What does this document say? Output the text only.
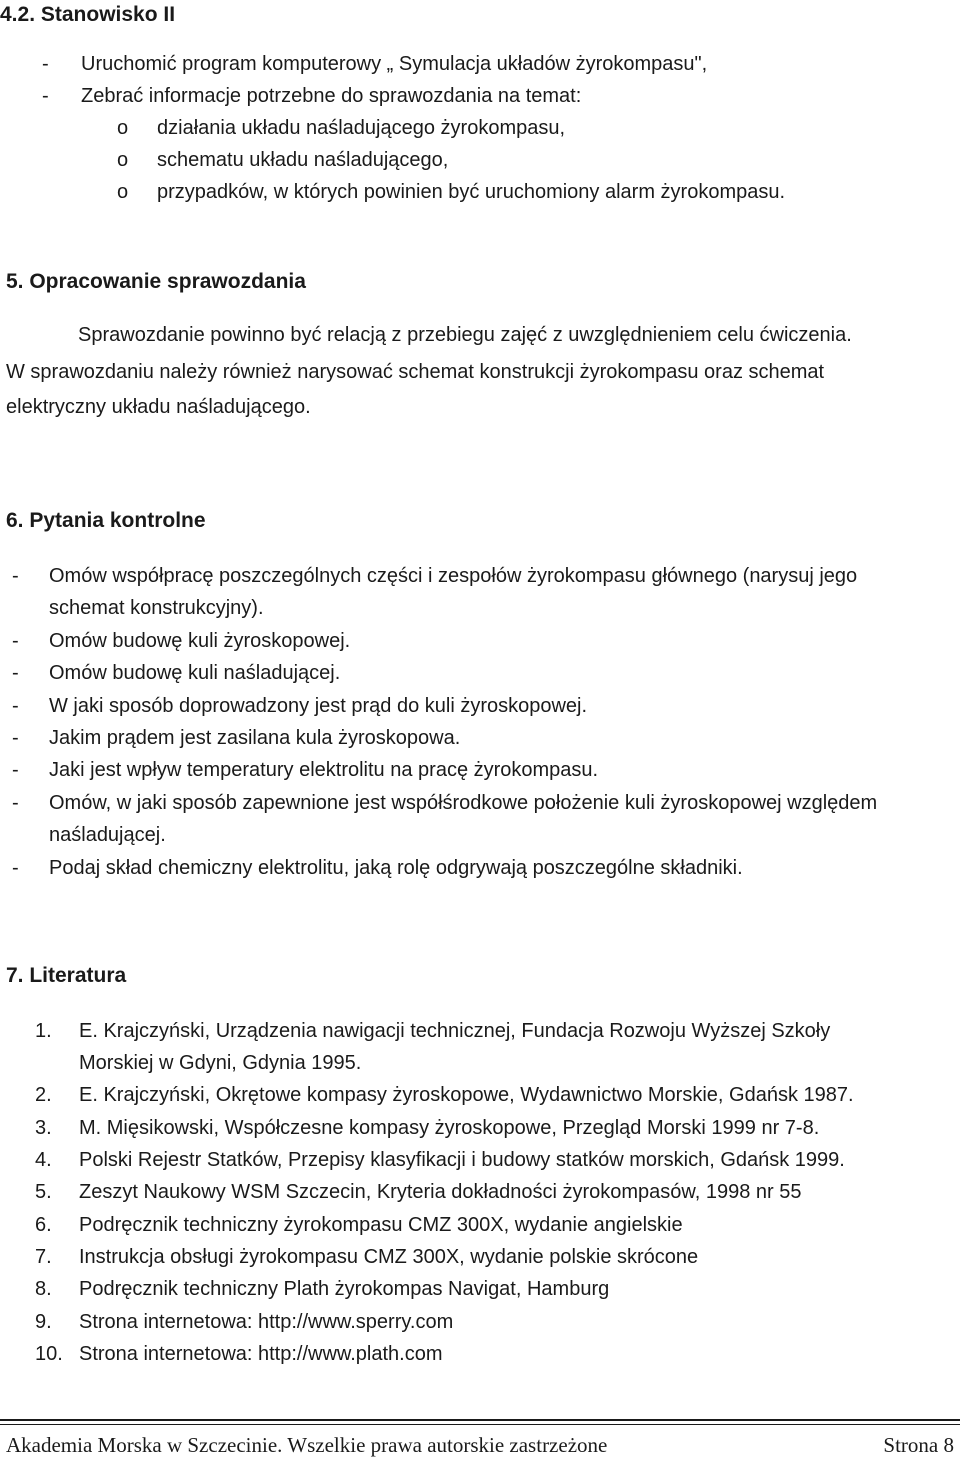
4.2. Stanowisko II
- Uruchomić program komputerowy „ Symulacja układów żyrokompasu",
- Zebrać informacje potrzebne do sprawozdania na temat:
o działania układu naśladującego żyrokompasu,
o schematu układu naśladującego,
o przypadków, w których powinien być uruchomiony alarm żyrokompasu.
5. Opracowanie sprawozdania
Sprawozdanie powinno być relacją z przebiegu zajęć z uwzględnieniem celu ćwiczenia.
W sprawozdaniu należy również narysować schemat konstrukcji żyrokompasu oraz schemat
elektryczny układu naśladującego.
6. Pytania kontrolne
- Omów współpracę poszczególnych części i zespołów żyrokompasu głównego (narysuj jego
schemat konstrukcyjny).
- Omów budowę kuli żyroskopowej.
- Omów budowę kuli naśladującej.
- W jaki sposób doprowadzony jest prąd do kuli żyroskopowej.
- Jakim prądem jest zasilana kula żyroskopowa.
- Jaki jest wpływ temperatury elektrolitu na pracę żyrokompasu.
- Omów, w jaki sposób zapewnione jest współśrodkowe położenie kuli żyroskopowej względem
naśladującej.
- Podaj skład chemiczny elektrolitu, jaką rolę odgrywają poszczególne składniki.
7. Literatura
1. E. Krajczyński, Urządzenia nawigacji technicznej, Fundacja Rozwoju Wyższej Szkoły
Morskiej w Gdyni, Gdynia 1995.
2. E. Krajczyński, Okrętowe kompasy żyroskopowe, Wydawnictwo Morskie, Gdańsk 1987.
3. M. Mięsikowski, Współczesne kompasy żyroskopowe, Przegląd Morski 1999 nr 7-8.
4. Polski Rejestr Statków, Przepisy klasyfikacji i budowy statków morskich, Gdańsk 1999.
5. Zeszyt Naukowy WSM Szczecin, Kryteria dokładności żyrokompasów, 1998 nr 55
6. Podręcznik techniczny żyrokompasu CMZ 300X, wydanie angielskie
7. Instrukcja obsługi żyrokompasu CMZ 300X, wydanie polskie skrócone
8. Podręcznik techniczny Plath żyrokompas Navigat, Hamburg
9. Strona internetowa: http://www.sperry.com
10. Strona internetowa: http://www.plath.com
Akademia Morska w Szczecinie. Wszelkie prawa autorskie zastrzeżone	Strona 8
